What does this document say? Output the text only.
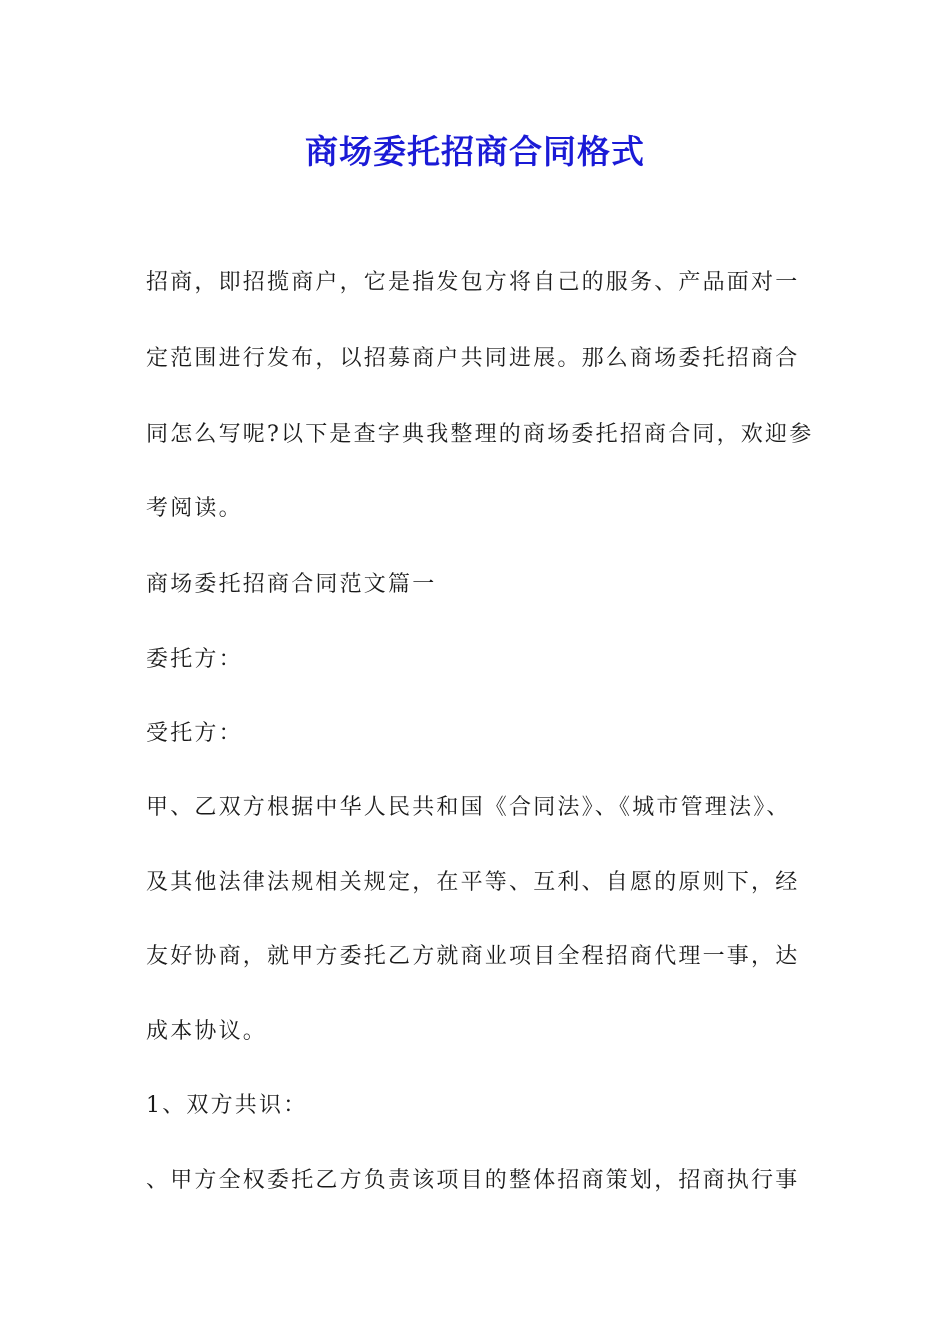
商场委托招商合同格式
招商，即招揽商户，它是指发包方将自己的服务、产品面对一
定范围进行发布，以招募商户共同进展。那么商场委托招商合
同怎么写呢?以下是查字典我整理的商场委托招商合同，欢迎参
考阅读。
商场委托招商合同范文篇一
委托方：
受托方：
甲、乙双方根据中华人民共和国《合同法》、《城市管理法》、
及其他法律法规相关规定，在平等、互利、自愿的原则下，经
友好协商，就甲方委托乙方就商业项目全程招商代理一事，达
成本协议。
1、双方共识：
、甲方全权委托乙方负责该项目的整体招商策划，招商执行事
